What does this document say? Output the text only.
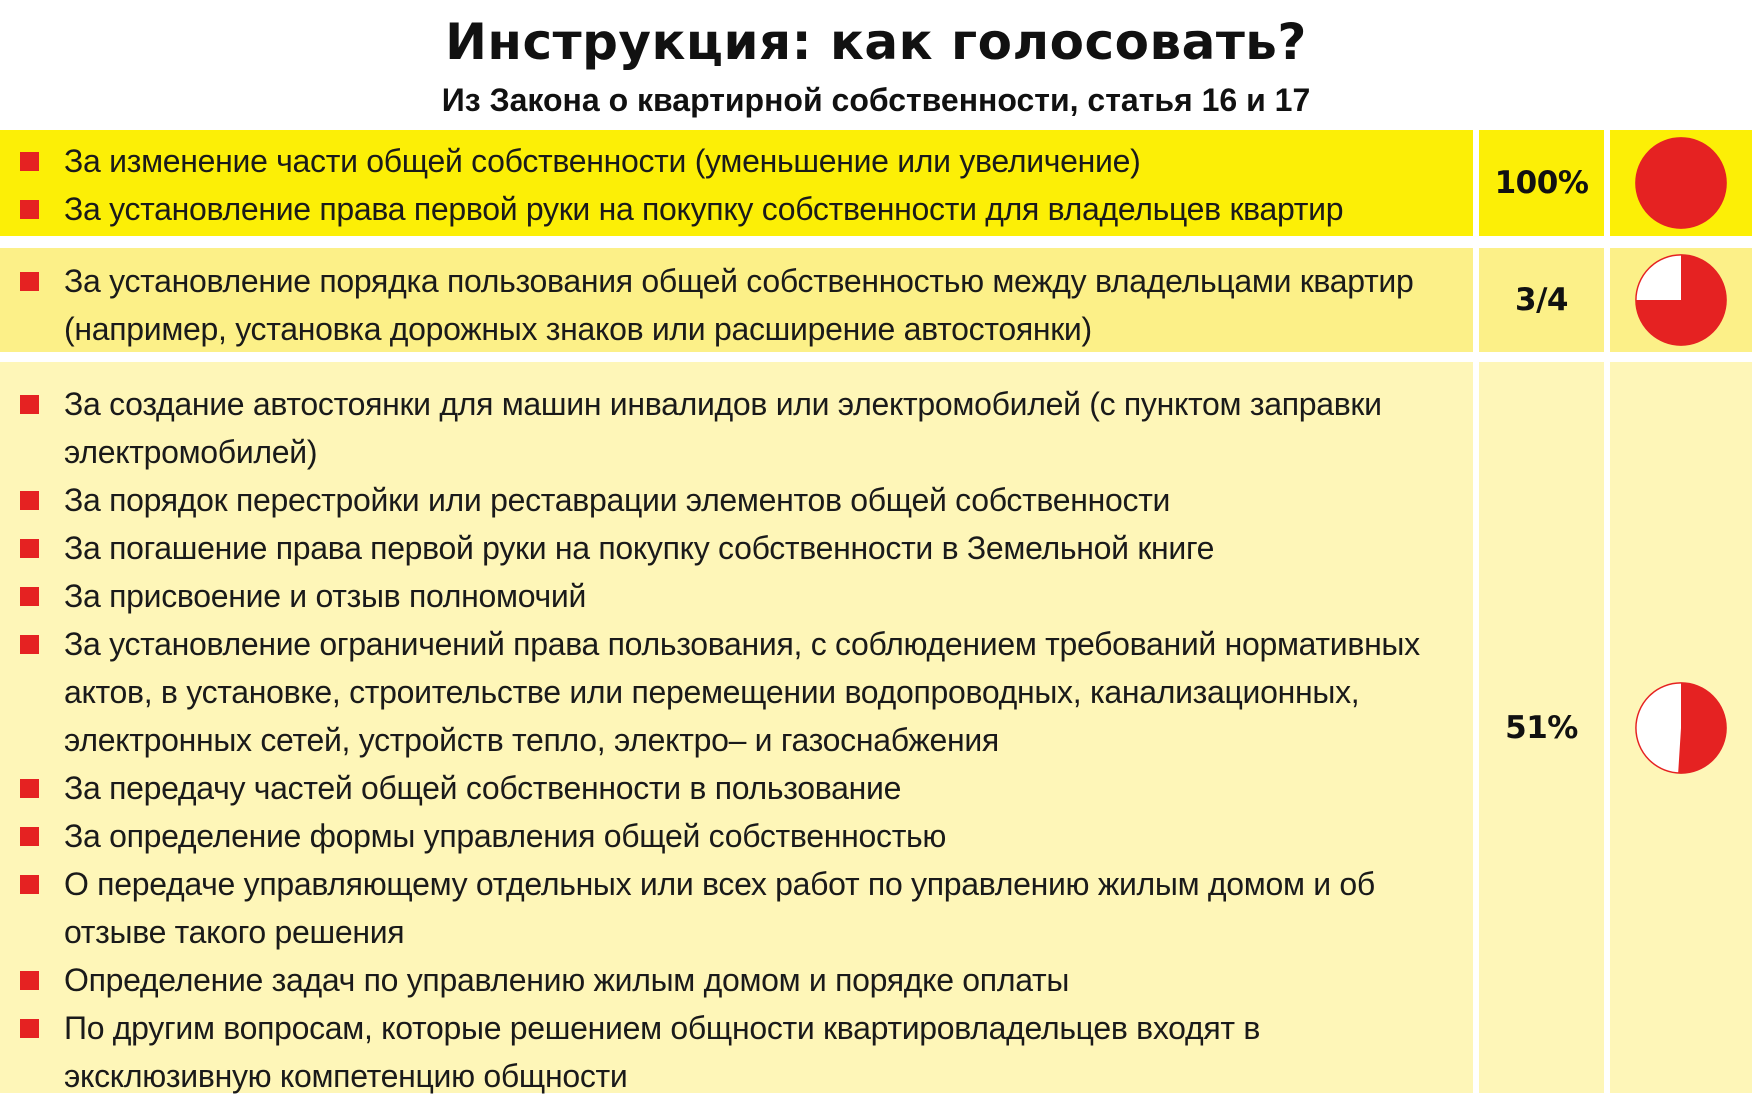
Инструкция: как голосовать?
Из Закона о квартирной собственности, статья 16 и 17
За изменение части общей собственности (уменьшение или увеличение)
За установление права первой руки на покупку собственности для владельцев квартир
100%
За установление порядка пользования общей собственностью между владельцами квартир (например, установка дорожных знаков или расширение автостоянки)
3/4
За создание автостоянки для машин инвалидов или электромобилей (с пунктом заправки электромобилей)
За порядок перестройки или реставрации элементов общей собственности
За погашение права первой руки на покупку собственности в Земельной книге
За присвоение и отзыв полномочий
За установление ограничений права пользования, с соблюдением требований нормативных актов, в установке, строительстве или перемещении водопроводных, канализационных, электронных сетей, устройств тепло, электро– и газоснабжения
За передачу частей общей собственности в пользование
За определение формы управления общей собственностью
О передаче управляющему отдельных или всех работ по управлению жилым домом и об отзыве такого решения
Определение задач по управлению жилым домом и порядке оплаты
По другим вопросам, которые решением общности квартировладельцев входят в эксклюзивную компетенцию общности
51%
